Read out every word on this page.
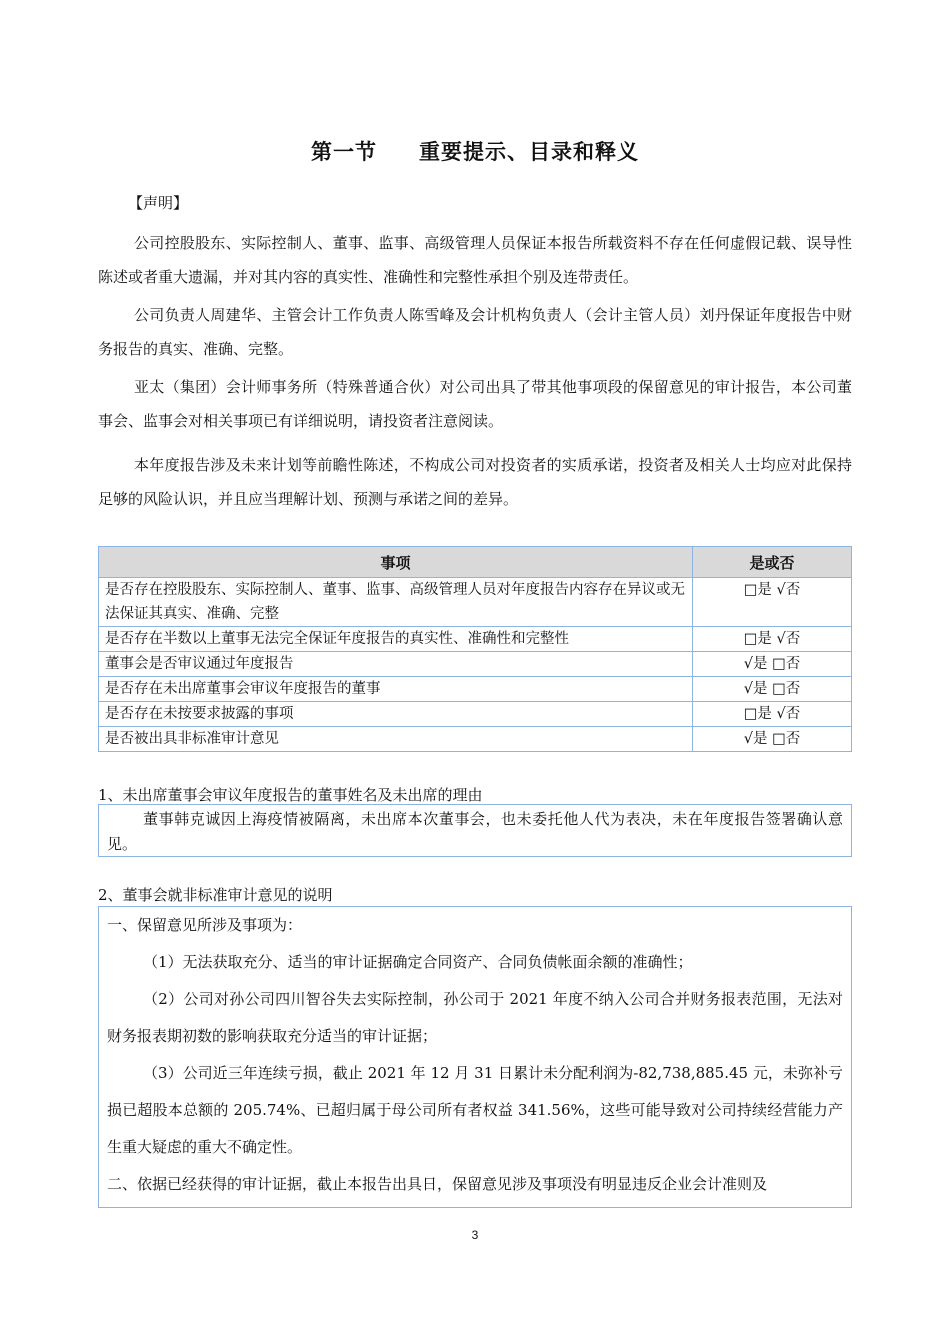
第一节 重要提示、目录和释义
【声明】

公司控股股东、实际控制人、董事、监事、高级管理人员保证本报告所载资料不存在任何虚假记载、误导性陈述或者重大遗漏，并对其内容的真实性、准确性和完整性承担个别及连带责任。

公司负责人周建华、主管会计工作负责人陈雪峰及会计机构负责人（会计主管人员）刘丹保证年度报告中财务报告的真实、准确、完整。

亚太（集团）会计师事务所（特殊普通合伙）对公司出具了带其他事项段的保留意见的审计报告，本公司董事会、监事会对相关事项已有详细说明，请投资者注意阅读。

本年度报告涉及未来计划等前瞻性陈述，不构成公司对投资者的实质承诺，投资者及相关人士均应对此保持足够的风险认识，并且应当理解计划、预测与承诺之间的差异。

事项	是或否
是否存在控股股东、实际控制人、董事、监事、高级管理人员对年度报告内容存在异议或无法保证其真实、准确、完整	□是 √否
是否存在半数以上董事无法完全保证年度报告的真实性、准确性和完整性	□是 √否
董事会是否审议通过年度报告	√是 □否
是否存在未出席董事会审议年度报告的董事	√是 □否
是否存在未按要求披露的事项	□是 √否
是否被出具非标准审计意见	√是 □否
1、未出席董事会审议年度报告的董事姓名及未出席的理由
董事韩克诚因上海疫情被隔离，未出席本次董事会，也未委托他人代为表决，未在年度报告签署确认意见。
2、董事会就非标准审计意见的说明

一、保留意见所涉及事项为：

（1）无法获取充分、适当的审计证据确定合同资产、合同负债帐面余额的准确性；

（2）公司对孙公司四川智谷失去实际控制，孙公司于 2021 年度不纳入公司合并财务报表范围，无法对财务报表期初数的影响获取充分适当的审计证据；

（3）公司近三年连续亏损，截止 2021 年 12 月 31 日累计未分配利润为-82,738,885.45 元，未弥补亏损已超股本总额的 205.74%、已超归属于母公司所有者权益 341.56%，这些可能导致对公司持续经营能力产生重大疑虑的重大不确定性。

二、依据已经获得的审计证据，截止本报告出具日，保留意见涉及事项没有明显违反企业会计准则及

3
